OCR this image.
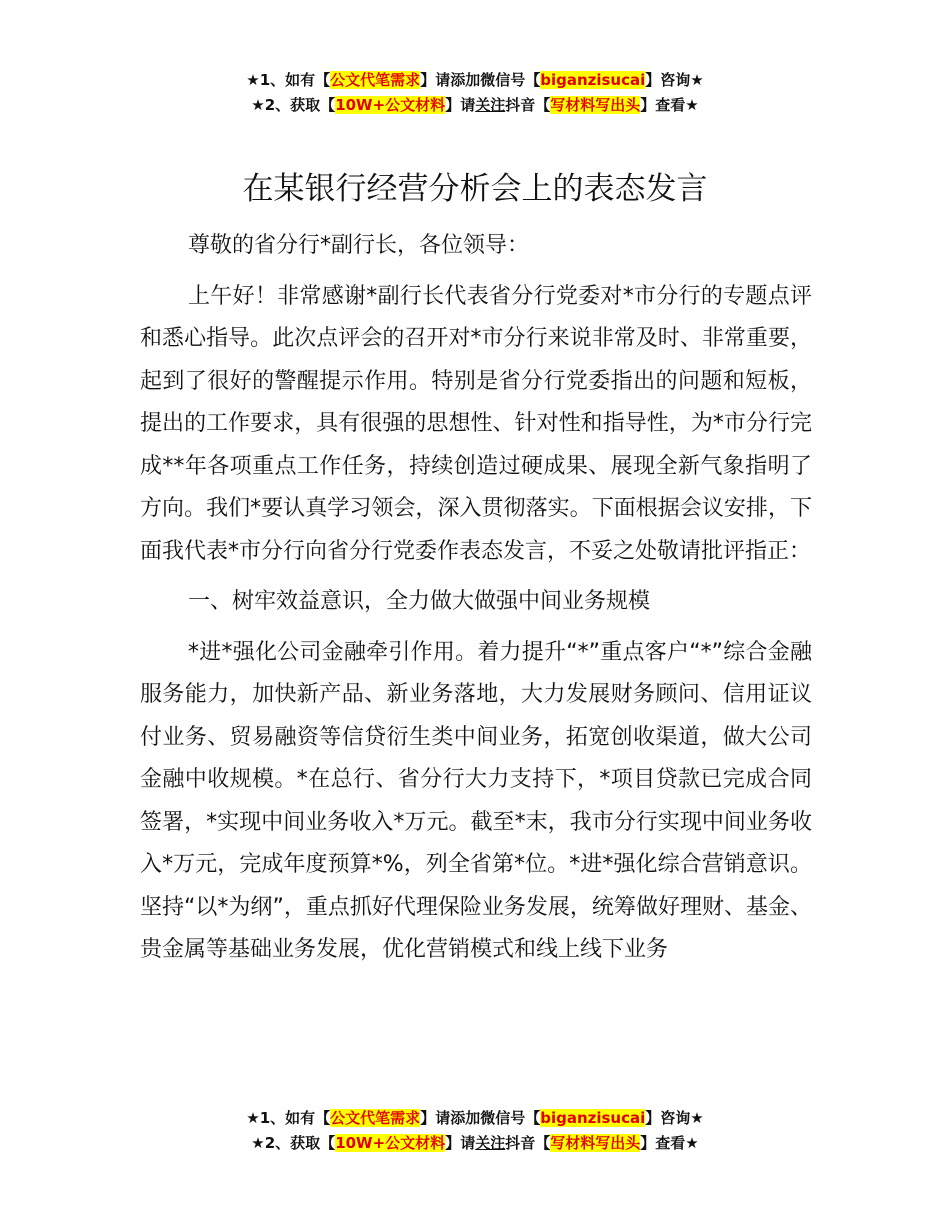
★1、如有【公文代笔需求】请添加微信号【biganzisucai】咨询★
★2、获取【10W+公文材料】请关注抖音【写材料写出头】查看★
在某银行经营分析会上的表态发言

尊敬的省分行*副行长，各位领导：

上午好！非常感谢*副行长代表省分行党委对*市分行的专题点评和悉心指导。此次点评会的召开对*市分行来说非常及时、非常重要，起到了很好的警醒提示作用。特别是省分行党委指出的问题和短板，提出的工作要求，具有很强的思想性、针对性和指导性，为*市分行完成**年各项重点工作任务，持续创造过硬成果、展现全新气象指明了方向。我们*要认真学习领会，深入贯彻落实。下面根据会议安排，下面我代表*市分行向省分行党委作表态发言，不妥之处敬请批评指正：

一、树牢效益意识，全力做大做强中间业务规模

*进*强化公司金融牵引作用。着力提升“*”重点客户“*”综合金融服务能力，加快新产品、新业务落地，大力发展财务顾问、信用证议付业务、贸易融资等信贷衍生类中间业务，拓宽创收渠道，做大公司金融中收规模。*在总行、省分行大力支持下，*项目贷款已完成合同签署，*实现中间业务收入*万元。截至*末，我市分行实现中间业务收入*万元，完成年度预算*%，列全省第*位。*进*强化综合营销意识。坚持“以*为纲”，重点抓好代理保险业务发展，统筹做好理财、基金、贵金属等基础业务发展，优化营销模式和线上线下业务

★1、如有【公文代笔需求】请添加微信号【biganzisucai】咨询★
★2、获取【10W+公文材料】请关注抖音【写材料写出头】查看★
